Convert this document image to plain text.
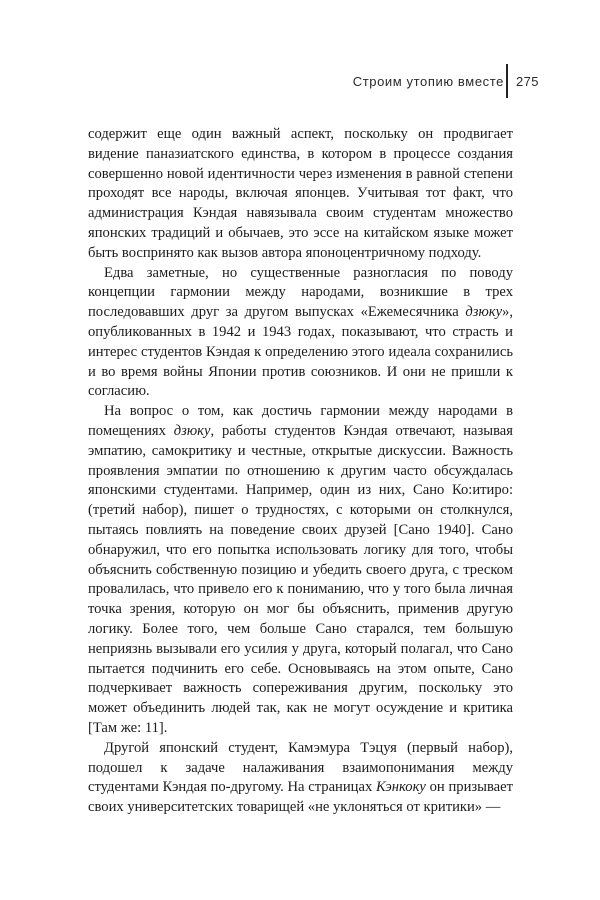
Строим утопию вместе 275

содержит еще один важный аспект, поскольку он продвигает видение паназиатского единства, в котором в процессе создания совершенно новой идентичности через изменения в равной степени проходят все народы, включая японцев. Учитывая тот факт, что администрация Кэндая навязывала своим студентам множество японских традиций и обычаев, это эссе на китайском языке может быть воспринято как вызов автора японоцентричному подходу.

Едва заметные, но существенные разногласия по поводу концепции гармонии между народами, возникшие в трех последовавших друг за другом выпусках «Ежемесячника дзюку», опубликованных в 1942 и 1943 годах, показывают, что страсть и интерес студентов Кэндая к определению этого идеала сохранились и во время войны Японии против союзников. И они не пришли к согласию.

На вопрос о том, как достичь гармонии между народами в помещениях дзюку, работы студентов Кэндая отвечают, называя эмпатию, самокритику и честные, открытые дискуссии. Важность проявления эмпатии по отношению к другим часто обсуждалась японскими студентами. Например, один из них, Сано Ко:итиро: (третий набор), пишет о трудностях, с которыми он столкнулся, пытаясь повлиять на поведение своих друзей [Сано 1940]. Сано обнаружил, что его попытка использовать логику для того, чтобы объяснить собственную позицию и убедить своего друга, с треском провалилась, что привело его к пониманию, что у того была личная точка зрения, которую он мог бы объяснить, применив другую логику. Более того, чем больше Сано старался, тем большую неприязнь вызывали его усилия у друга, который полагал, что Сано пытается подчинить его себе. Основываясь на этом опыте, Сано подчеркивает важность сопереживания другим, поскольку это может объединить людей так, как не могут осуждение и критика [Там же: 11].

Другой японский студент, Камэмура Тэцуя (первый набор), подошел к задаче налаживания взаимопонимания между студентами Кэндая по-другому. На страницах Кэнкоку он призывает своих университетских товарищей «не уклоняться от критики» —
